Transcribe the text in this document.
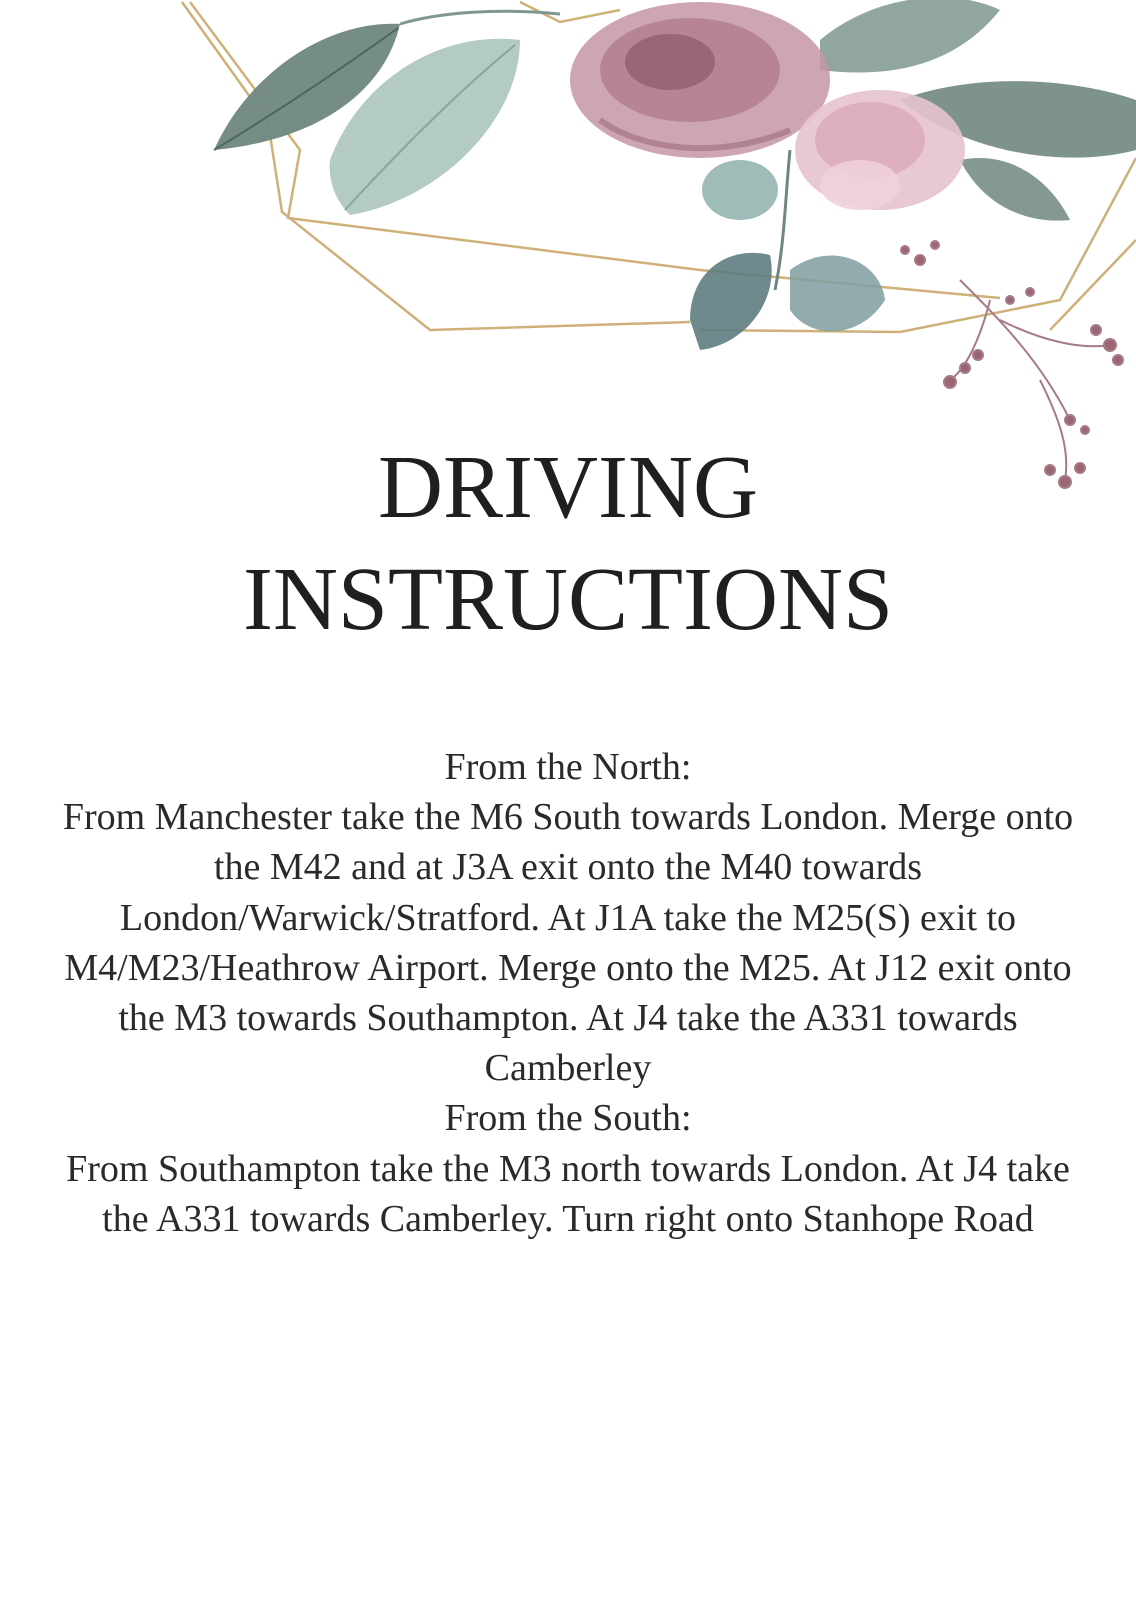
DRIVING
INSTRUCTIONS

From the North:

From Manchester take the M6 South towards London. Merge onto the M42 and at J3A exit onto the M40 towards London/Warwick/Stratford. At J1A take the M25(S) exit to M4/M23/Heathrow Airport. Merge onto the M25. At J12 exit onto the M3 towards Southampton. At J4 take the A331 towards Camberley

From the South:

From Southampton take the M3 north towards London. At J4 take the A331 towards Camberley. Turn right onto Stanhope Road
